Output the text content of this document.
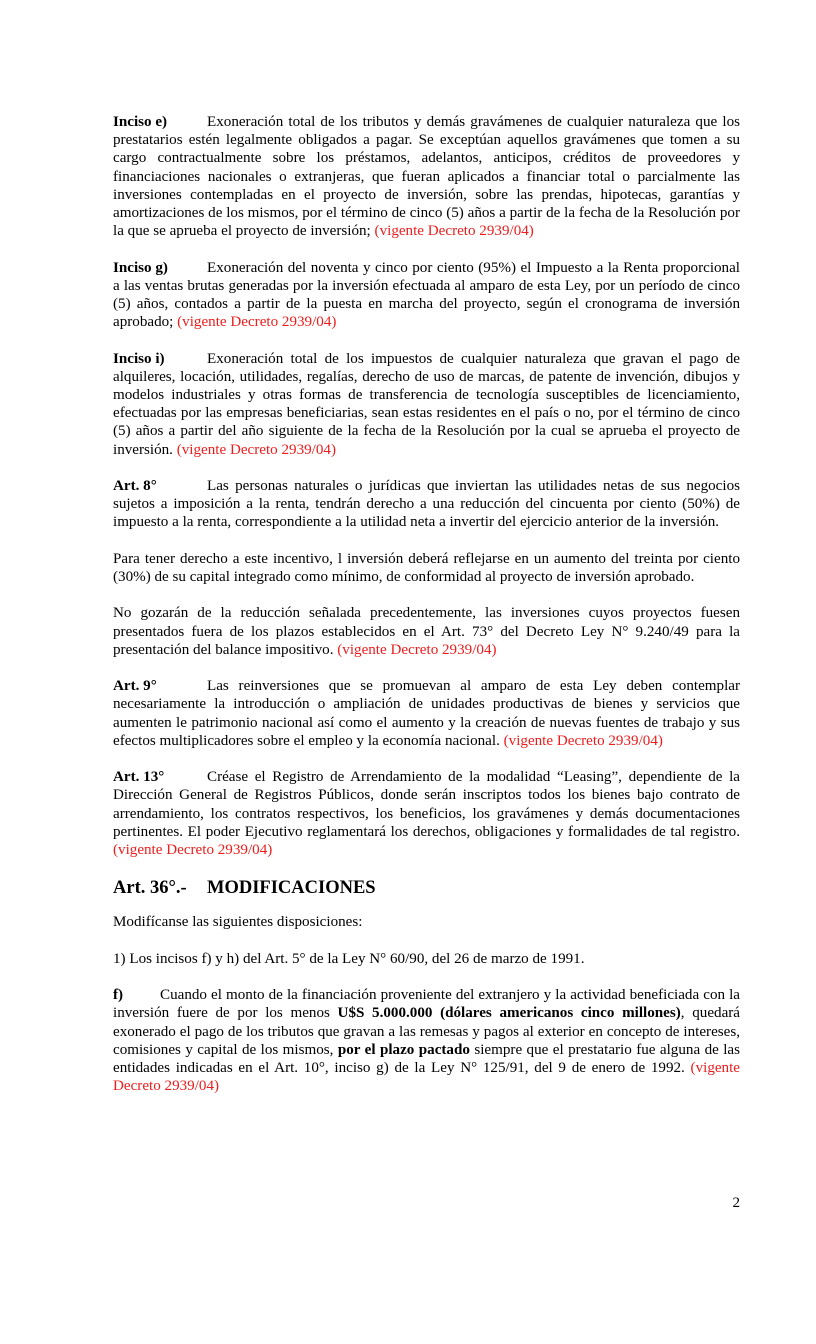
Inciso e)	Exoneración total de los tributos y demás gravámenes de cualquier naturaleza que los prestatarios estén legalmente obligados a pagar. Se exceptúan aquellos gravámenes que tomen a su cargo contractualmente sobre los préstamos, adelantos, anticipos, créditos de proveedores y financiaciones nacionales o extranjeras, que fueran aplicados a financiar total o parcialmente las inversiones contempladas en el proyecto de inversión, sobre las prendas, hipotecas, garantías y amortizaciones de los mismos, por el término de cinco (5) años a partir de la fecha de la Resolución por la que se aprueba el proyecto de inversión; (vigente Decreto 2939/04)

Inciso g)	Exoneración del noventa y cinco por ciento (95%) el Impuesto a la Renta proporcional a las ventas brutas generadas por la inversión efectuada al amparo de esta Ley, por un período de cinco (5) años, contados a partir de la puesta en marcha del proyecto, según el cronograma de inversión aprobado; (vigente Decreto 2939/04)

Inciso i)	Exoneración total de los impuestos de cualquier naturaleza que gravan el pago de alquileres, locación, utilidades, regalías, derecho de uso de marcas, de patente de invención, dibujos y modelos industriales y otras formas de transferencia de tecnología susceptibles de licenciamiento, efectuadas por las empresas beneficiarias, sean estas residentes en el país o no, por el término de cinco (5) años a partir del año siguiente de la fecha de la Resolución por la cual se aprueba el proyecto de inversión. (vigente Decreto 2939/04)

Art. 8°	Las personas naturales o jurídicas que inviertan las utilidades netas de sus negocios sujetos a imposición a la renta, tendrán derecho a una reducción del cincuenta por ciento (50%) de impuesto a la renta, correspondiente a la utilidad neta a invertir del ejercicio anterior de la inversión.

Para tener derecho a este incentivo, l inversión deberá reflejarse en un aumento del treinta por ciento (30%) de su capital integrado como mínimo, de conformidad al proyecto de inversión aprobado.

No gozarán de la reducción señalada precedentemente, las inversiones cuyos proyectos fuesen presentados fuera de los plazos establecidos en el Art. 73° del Decreto Ley N° 9.240/49 para la presentación del balance impositivo. (vigente Decreto 2939/04)

Art. 9°	Las reinversiones que se promuevan al amparo de esta Ley deben contemplar necesariamente la introducción o ampliación de unidades productivas de bienes y servicios que aumenten le patrimonio nacional así como el aumento y la creación de nuevas fuentes de trabajo y sus efectos multiplicadores sobre el empleo y la economía nacional. (vigente Decreto 2939/04)

Art. 13°	Créase el Registro de Arrendamiento de la modalidad “Leasing”, dependiente de la Dirección General de Registros Públicos, donde serán inscriptos todos los bienes bajo contrato de arrendamiento, los contratos respectivos, los beneficios, los gravámenes y demás documentaciones pertinentes. El poder Ejecutivo reglamentará los derechos, obligaciones y formalidades de tal registro. (vigente Decreto 2939/04)

Art. 36°.- MODIFICACIONES

Modifícanse las siguientes disposiciones:

1) Los incisos f) y h) del Art. 5° de la Ley N° 60/90, del 26 de marzo de 1991.

f) Cuando el monto de la financiación proveniente del extranjero y la actividad beneficiada con la inversión fuere de por los menos U$S 5.000.000 (dólares americanos cinco millones), quedará exonerado el pago de los tributos que gravan a las remesas y pagos al exterior en concepto de intereses, comisiones y capital de los mismos, por el plazo pactado siempre que el prestatario fue alguna de las entidades indicadas en el Art. 10°, inciso g) de la Ley N° 125/91, del 9 de enero de 1992. (vigente Decreto 2939/04)

2
